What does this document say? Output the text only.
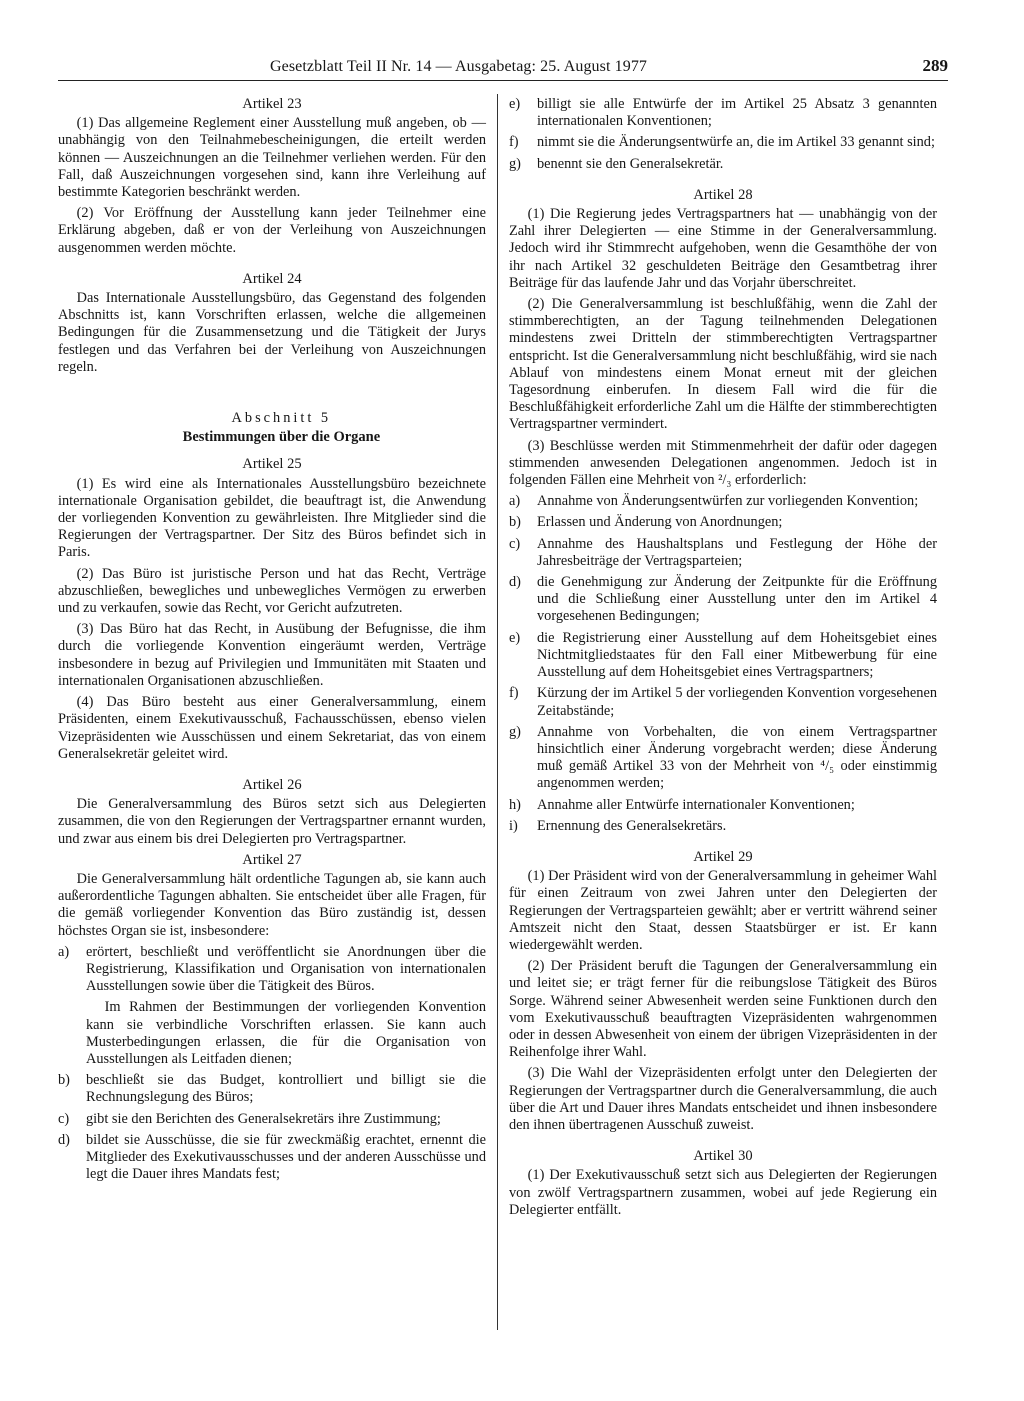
Gesetzblatt Teil II Nr. 14 — Ausgabetag: 25. August 1977	289
Artikel 23

(1) Das allgemeine Reglement einer Ausstellung muß angeben, ob — unabhängig von den Teilnahmebescheinigungen, die erteilt werden können — Auszeichnungen an die Teilnehmer verliehen werden. Für den Fall, daß Auszeichnungen vorgesehen sind, kann ihre Verleihung auf bestimmte Kategorien beschränkt werden.

(2) Vor Eröffnung der Ausstellung kann jeder Teilnehmer eine Erklärung abgeben, daß er von der Verleihung von Auszeichnungen ausgenommen werden möchte.

Artikel 24

Das Internationale Ausstellungsbüro, das Gegenstand des folgenden Abschnitts ist, kann Vorschriften erlassen, welche die allgemeinen Bedingungen für die Zusammensetzung und die Tätigkeit der Jurys festlegen und das Verfahren bei der Verleihung von Auszeichnungen regeln.

Abschnitt 5

Bestimmungen über die Organe

Artikel 25

(1) Es wird eine als Internationales Ausstellungsbüro bezeichnete internationale Organisation gebildet, die beauftragt ist, die Anwendung der vorliegenden Konvention zu gewährleisten. Ihre Mitglieder sind die Regierungen der Vertragspartner. Der Sitz des Büros befindet sich in Paris.

(2) Das Büro ist juristische Person und hat das Recht, Verträge abzuschließen, bewegliches und unbewegliches Vermögen zu erwerben und zu verkaufen, sowie das Recht, vor Gericht aufzutreten.

(3) Das Büro hat das Recht, in Ausübung der Befugnisse, die ihm durch die vorliegende Konvention eingeräumt werden, Verträge insbesondere in bezug auf Privilegien und Immunitäten mit Staaten und internationalen Organisationen abzuschließen.

(4) Das Büro besteht aus einer Generalversammlung, einem Präsidenten, einem Exekutivausschuß, Fachausschüssen, ebenso vielen Vizepräsidenten wie Ausschüssen und einem Sekretariat, das von einem Generalsekretär geleitet wird.

Artikel 26

Die Generalversammlung des Büros setzt sich aus Delegierten zusammen, die von den Regierungen der Vertragspartner ernannt wurden, und zwar aus einem bis drei Delegierten pro Vertragspartner.

Artikel 27

Die Generalversammlung hält ordentliche Tagungen ab, sie kann auch außerordentliche Tagungen abhalten. Sie entscheidet über alle Fragen, für die gemäß vorliegender Konvention das Büro zuständig ist, dessen höchstes Organ sie ist, insbesondere:

a)	erörtert, beschließt und veröffentlicht sie Anordnungen über die Registrierung, Klassifikation und Organisation von internationalen Ausstellungen sowie über die Tätigkeit des Büros.

Im Rahmen der Bestimmungen der vorliegenden Konvention kann sie verbindliche Vorschriften erlassen. Sie kann auch Musterbedingungen erlassen, die für die Organisation von Ausstellungen als Leitfaden dienen;

b)	beschließt sie das Budget, kontrolliert und billigt sie die Rechnungslegung des Büros;
c)	gibt sie den Berichten des Generalsekretärs ihre Zustimmung;
d)	bildet sie Ausschüsse, die sie für zweckmäßig erachtet, ernennt die Mitglieder des Exekutivausschusses und der anderen Ausschüsse und legt die Dauer ihres Mandats fest;
e)	billigt sie alle Entwürfe der im Artikel 25 Absatz 3 genannten internationalen Konventionen;
f)	nimmt sie die Änderungsentwürfe an, die im Artikel 33 genannt sind;
g)	benennt sie den Generalsekretär.
Artikel 28

(1) Die Regierung jedes Vertragspartners hat — unabhängig von der Zahl ihrer Delegierten — eine Stimme in der Generalversammlung. Jedoch wird ihr Stimmrecht aufgehoben, wenn die Gesamthöhe der von ihr nach Artikel 32 geschuldeten Beiträge den Gesamtbetrag ihrer Beiträge für das laufende Jahr und das Vorjahr überschreitet.

(2) Die Generalversammlung ist beschlußfähig, wenn die Zahl der stimmberechtigten, an der Tagung teilnehmenden Delegationen mindestens zwei Dritteln der stimmberechtigten Vertragspartner entspricht. Ist die Generalversammlung nicht beschlußfähig, wird sie nach Ablauf von mindestens einem Monat erneut mit der gleichen Tagesordnung einberufen. In diesem Fall wird die für die Beschlußfähigkeit erforderliche Zahl um die Hälfte der stimmberechtigten Vertragspartner vermindert.

(3) Beschlüsse werden mit Stimmenmehrheit der dafür oder dagegen stimmenden anwesenden Delegationen angenommen. Jedoch ist in folgenden Fällen eine Mehrheit von ²/₃ erforderlich:

a)	Annahme von Änderungsentwürfen zur vorliegenden Konvention;
b)	Erlassen und Änderung von Anordnungen;
c)	Annahme des Haushaltsplans und Festlegung der Höhe der Jahresbeiträge der Vertragsparteien;
d)	die Genehmigung zur Änderung der Zeitpunkte für die Eröffnung und die Schließung einer Ausstellung unter den im Artikel 4 vorgesehenen Bedingungen;
e)	die Registrierung einer Ausstellung auf dem Hoheitsgebiet eines Nichtmitgliedstaates für den Fall einer Mitbewerbung für eine Ausstellung auf dem Hoheitsgebiet eines Vertragspartners;
f)	Kürzung der im Artikel 5 der vorliegenden Konvention vorgesehenen Zeitabstände;
g)	Annahme von Vorbehalten, die von einem Vertragspartner hinsichtlich einer Änderung vorgebracht werden; diese Änderung muß gemäß Artikel 33 von der Mehrheit von ⁴/₅ oder einstimmig angenommen werden;
h)	Annahme aller Entwürfe internationaler Konventionen;
i)	Ernennung des Generalsekretärs.
Artikel 29

(1) Der Präsident wird von der Generalversammlung in geheimer Wahl für einen Zeitraum von zwei Jahren unter den Delegierten der Regierungen der Vertragsparteien gewählt; aber er vertritt während seiner Amtszeit nicht den Staat, dessen Staatsbürger er ist. Er kann wiedergewählt werden.

(2) Der Präsident beruft die Tagungen der Generalversammlung ein und leitet sie; er trägt ferner für die reibungslose Tätigkeit des Büros Sorge. Während seiner Abwesenheit werden seine Funktionen durch den vom Exekutivausschuß beauftragten Vizepräsidenten wahrgenommen oder in dessen Abwesenheit von einem der übrigen Vizepräsidenten in der Reihenfolge ihrer Wahl.

(3) Die Wahl der Vizepräsidenten erfolgt unter den Delegierten der Regierungen der Vertragspartner durch die Generalversammlung, die auch über die Art und Dauer ihres Mandats entscheidet und ihnen insbesondere den ihnen übertragenen Ausschuß zuweist.

Artikel 30

(1) Der Exekutivausschuß setzt sich aus Delegierten der Regierungen von zwölf Vertragspartnern zusammen, wobei auf jede Regierung ein Delegierter entfällt.
